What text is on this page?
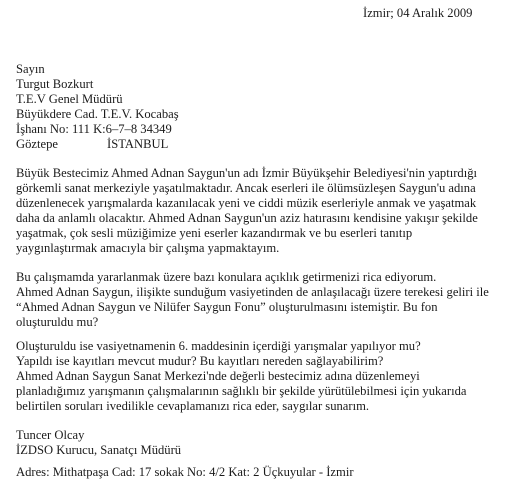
İzmir; 04 Aralık 2009
Sayın
Turgut Bozkurt
T.E.V Genel Müdürü
Büyükdere Cad. T.E.V. Kocabaş
İşhanı No: 111 K:6–7–8 34349
Göztepe	İSTANBUL
Büyük Bestecimiz Ahmed Adnan Saygun'un adı İzmir Büyükşehir Belediyesi'nin yaptırdığı
görkemli sanat merkeziyle yaşatılmaktadır. Ancak eserleri ile ölümsüzleşen Saygun'u adına
düzenlenecek yarışmalarda kazanılacak yeni ve ciddi müzik eserleriyle anmak ve yaşatmak
daha da anlamlı olacaktır. Ahmed Adnan Saygun'un aziz hatırasını kendisine yakışır şekilde
yaşatmak, çok sesli müziğimize yeni eserler kazandırmak ve bu eserleri tanıtıp
yaygınlaştırmak amacıyla bir çalışma yapmaktayım.
Bu çalışmamda yararlanmak üzere bazı konulara açıklık getirmenizi rica ediyorum.
Ahmed Adnan Saygun, ilişikte sunduğum vasiyetinden de anlaşılacağı üzere terekesi geliri ile
“Ahmed Adnan Saygun ve Nilüfer Saygun Fonu” oluşturulmasını istemiştir. Bu fon
oluşturuldu mu?
Oluşturuldu ise vasiyetnamenin 6. maddesinin içerdiği yarışmalar yapılıyor mu?
Yapıldı ise kayıtları mevcut mudur? Bu kayıtları nereden sağlayabilirim?
Ahmed Adnan Saygun Sanat Merkezi'nde değerli bestecimiz adına düzenlemeyi
planladığımız yarışmanın çalışmalarının sağlıklı bir şekilde yürütülebilmesi için yukarıda
belirtilen soruları ivedilikle cevaplamanızı rica eder, saygılar sunarım.
Tuncer Olcay
İZDSO Kurucu, Sanatçı Müdürü
Adres: Mithatpaşa Cad: 17 sokak No: 4/2 Kat: 2 Üçkuyular - İzmir
